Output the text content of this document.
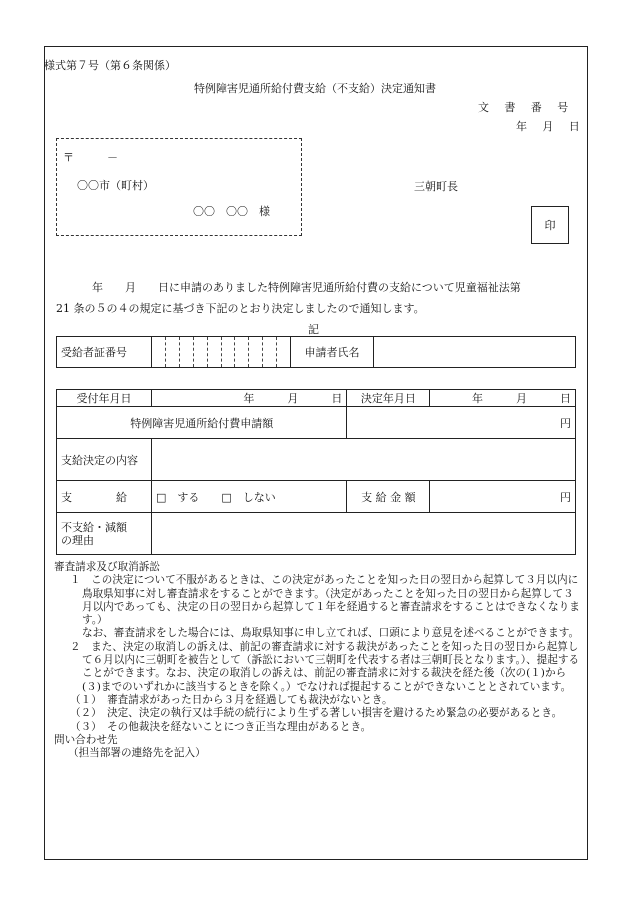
様式第７号（第６条関係）
特例障害児通所給付費支給（不支給）決定通知書
文　書　番　号
年　月　日
〒　　　－
〇〇市（町村）
〇〇　〇〇　様
三朝町長
印
年　　月　　日に申請のありました特例障害児通所給付費の支給について児童福祉法第
21 条の５の４の規定に基づき下記のとおり決定しましたので通知します。
記
受給者証番号		申請者氏名	
受付年月日	年　　　月　　　日	決定年月日	年　　　月　　　日
特例障害児通所給付費申請額		円	
支給決定の内容			
支　　　　給	□　する　　□　しない	支 給 金 額	円

不支給・減額
の理由			

審査請求及び取消訴訟

１　この決定について不服があるときは、この決定があったことを知った日の翌日から起算して３月以内に鳥取県知事に対し審査請求をすることができます。（決定があったことを知った日の翌日から起算して３月以内であっても、決定の日の翌日から起算して１年を経過すると審査請求をすることはできなくなります。）

なお、審査請求をした場合には、鳥取県知事に申し立てれば、口頭により意見を述べることができます。

２　また、決定の取消しの訴えは、前記の審査請求に対する裁決があったことを知った日の翌日から起算して６月以内に三朝町を被告として（訴訟において三朝町を代表する者は三朝町長となります。）、提起することができます。なお、決定の取消しの訴えは、前記の審査請求に対する裁決を経た後（次の(１)から(３)までのいずれかに該当するときを除く。）でなければ提起することができないこととされています。

（１）　審査請求があった日から３月を経過しても裁決がないとき。

（２）　決定、決定の執行又は手続の続行により生ずる著しい損害を避けるため緊急の必要があるとき。

（３）　その他裁決を経ないことにつき正当な理由があるとき。

問い合わせ先

（担当部署の連絡先を記入）
